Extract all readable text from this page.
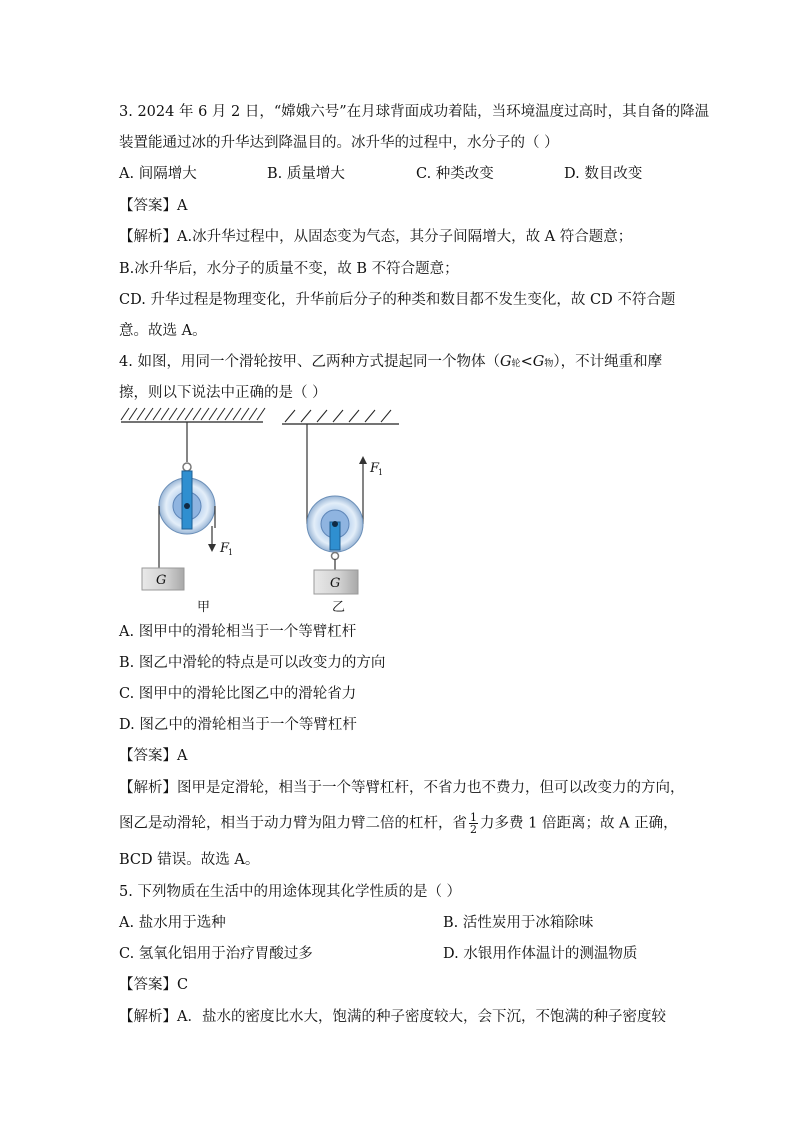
3. 2024 年 6 月 2 日，“嫦娥六号”在月球背面成功着陆，当环境温度过高时，其自备的降温
装置能通过冰的升华达到降温目的。冰升华的过程中，水分子的（ ）
A. 间隔增大	B. 质量增大	C. 种类改变	D. 数目改变
【答案】A
【解析】A.冰升华过程中，从固态变为气态，其分子间隔增大，故 A 符合题意；
B.冰升华后，水分子的质量不变，故 B 不符合题意；
CD. 升华过程是物理变化，升华前后分子的种类和数目都不发生变化，故 CD 不符合题
意。故选 A。
4. 如图，用同一个滑轮按甲、乙两种方式提起同一个物体（G轮<G物），不计绳重和摩
擦，则以下说法中正确的是（ ）
F
1
G
甲
F
1
G
乙
A. 图甲中的滑轮相当于一个等臂杠杆
B. 图乙中滑轮的特点是可以改变力的方向
C. 图甲中的滑轮比图乙中的滑轮省力
D. 图乙中的滑轮相当于一个等臂杠杆
【答案】A
【解析】图甲是定滑轮，相当于一个等臂杠杆，不省力也不费力，但可以改变力的方向，
图乙是动滑轮，相当于动力臂为阻力臂二倍的杠杆，省 $\frac{1}{2}$ 力多费 1 倍距离；故 A 正确，
BCD 错误。故选 A。
5. 下列物质在生活中的用途体现其化学性质的是（ ）
A. 盐水用于选种	B. 活性炭用于冰箱除味
C. 氢氧化铝用于治疗胃酸过多	D. 水银用作体温计的测温物质
【答案】C
【解析】A．盐水的密度比水大，饱满的种子密度较大，会下沉，不饱满的种子密度较
